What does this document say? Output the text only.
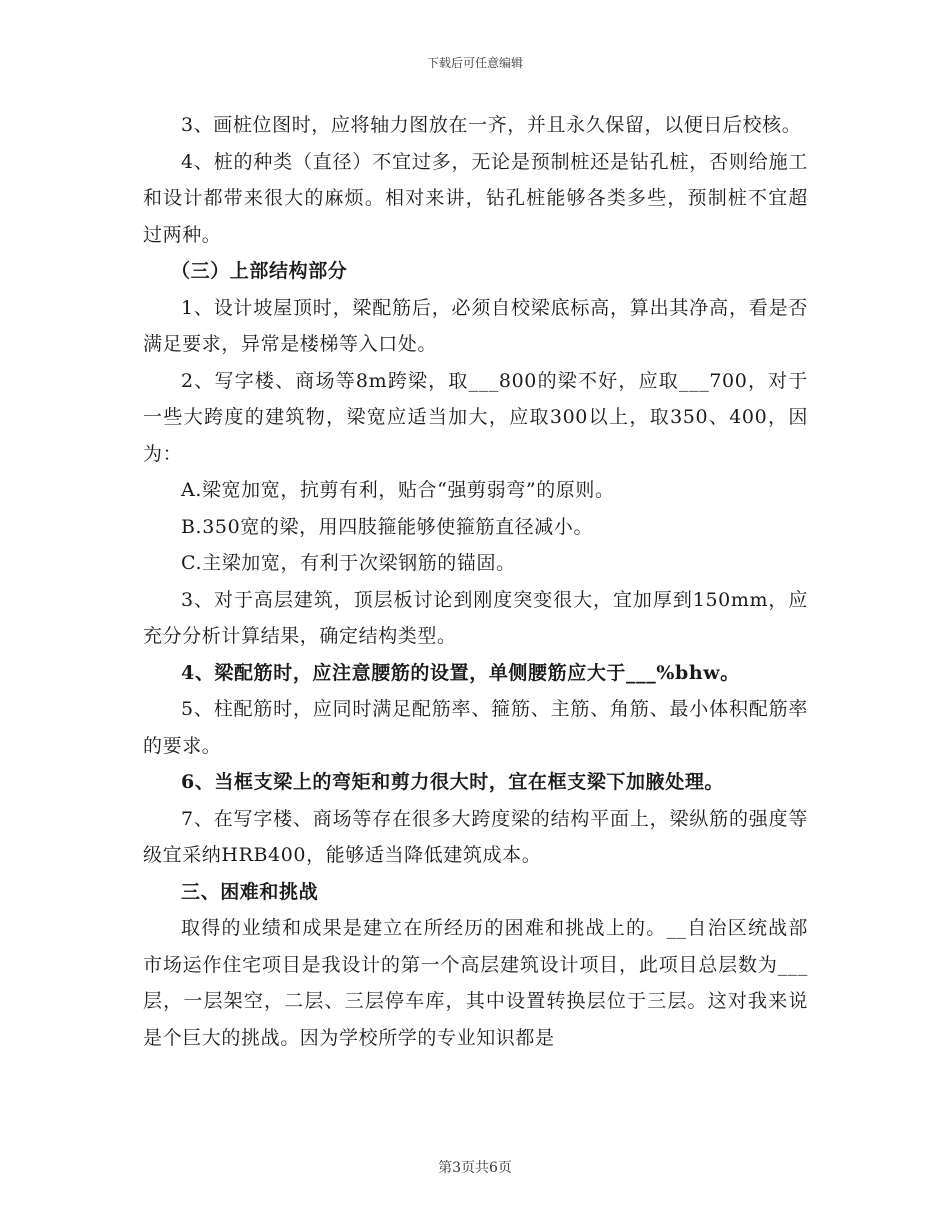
下载后可任意编辑

3、画桩位图时，应将轴力图放在一齐，并且永久保留，以便日后校核。

4、桩的种类（直径）不宜过多，无论是预制桩还是钻孔桩，否则给施工和设计都带来很大的麻烦。相对来讲，钻孔桩能够各类多些，预制桩不宜超过两种。

（三）上部结构部分

1、设计坡屋顶时，梁配筋后，必须自校梁底标高，算出其净高，看是否满足要求，异常是楼梯等入口处。

2、写字楼、商场等8m跨梁，取___800的梁不好，应取___700，对于一些大跨度的建筑物，梁宽应适当加大，应取300以上，取350、400，因为：

A.梁宽加宽，抗剪有利，贴合“强剪弱弯”的原则。

B.350宽的梁，用四肢箍能够使箍筋直径减小。

C.主梁加宽，有利于次梁钢筋的锚固。

3、对于高层建筑，顶层板讨论到刚度突变很大，宜加厚到150mm，应充分分析计算结果，确定结构类型。

4、梁配筋时，应注意腰筋的设置，单侧腰筋应大于___%bhw。

5、柱配筋时，应同时满足配筋率、箍筋、主筋、角筋、最小体积配筋率的要求。

6、当框支梁上的弯矩和剪力很大时，宜在框支梁下加腋处理。

7、在写字楼、商场等存在很多大跨度梁的结构平面上，梁纵筋的强度等级宜采纳HRB400，能够适当降低建筑成本。

三、困难和挑战

取得的业绩和成果是建立在所经历的困难和挑战上的。__自治区统战部市场运作住宅项目是我设计的第一个高层建筑设计项目，此项目总层数为___层，一层架空，二层、三层停车库，其中设置转换层位于三层。这对我来说是个巨大的挑战。因为学校所学的专业知识都是

第3页共6页
